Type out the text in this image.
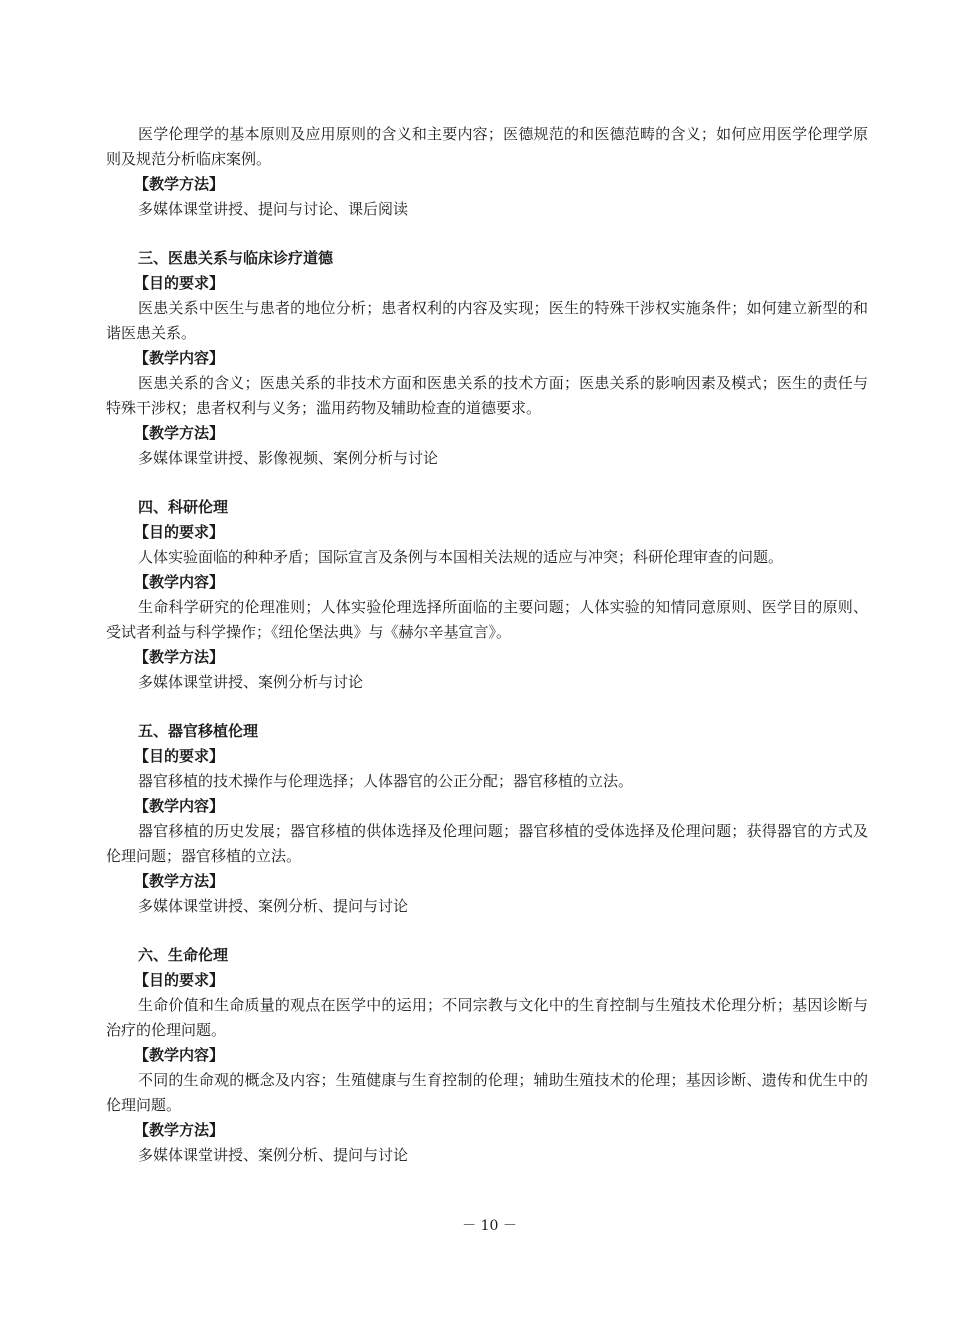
医学伦理学的基本原则及应用原则的含义和主要内容；医德规范的和医德范畴的含义；如何应用医学伦理学原则及规范分析临床案例。

【教学方法】

多媒体课堂讲授、提问与讨论、课后阅读

三、医患关系与临床诊疗道德

【目的要求】

医患关系中医生与患者的地位分析；患者权利的内容及实现；医生的特殊干涉权实施条件；如何建立新型的和谐医患关系。

【教学内容】

医患关系的含义；医患关系的非技术方面和医患关系的技术方面；医患关系的影响因素及模式；医生的责任与特殊干涉权；患者权利与义务；滥用药物及辅助检查的道德要求。

【教学方法】

多媒体课堂讲授、影像视频、案例分析与讨论

四、科研伦理

【目的要求】

人体实验面临的种种矛盾；国际宣言及条例与本国相关法规的适应与冲突；科研伦理审查的问题。

【教学内容】

生命科学研究的伦理准则；人体实验伦理选择所面临的主要问题；人体实验的知情同意原则、医学目的原则、受试者利益与科学操作；《纽伦堡法典》与《赫尔辛基宣言》。

【教学方法】

多媒体课堂讲授、案例分析与讨论

五、器官移植伦理

【目的要求】

器官移植的技术操作与伦理选择；人体器官的公正分配；器官移植的立法。

【教学内容】

器官移植的历史发展；器官移植的供体选择及伦理问题；器官移植的受体选择及伦理问题；获得器官的方式及伦理问题；器官移植的立法。

【教学方法】

多媒体课堂讲授、案例分析、提问与讨论

六、生命伦理

【目的要求】

生命价值和生命质量的观点在医学中的运用；不同宗教与文化中的生育控制与生殖技术伦理分析；基因诊断与治疗的伦理问题。

【教学内容】

不同的生命观的概念及内容；生殖健康与生育控制的伦理；辅助生殖技术的伦理；基因诊断、遗传和优生中的伦理问题。

【教学方法】

多媒体课堂讲授、案例分析、提问与讨论

－ 10 －
